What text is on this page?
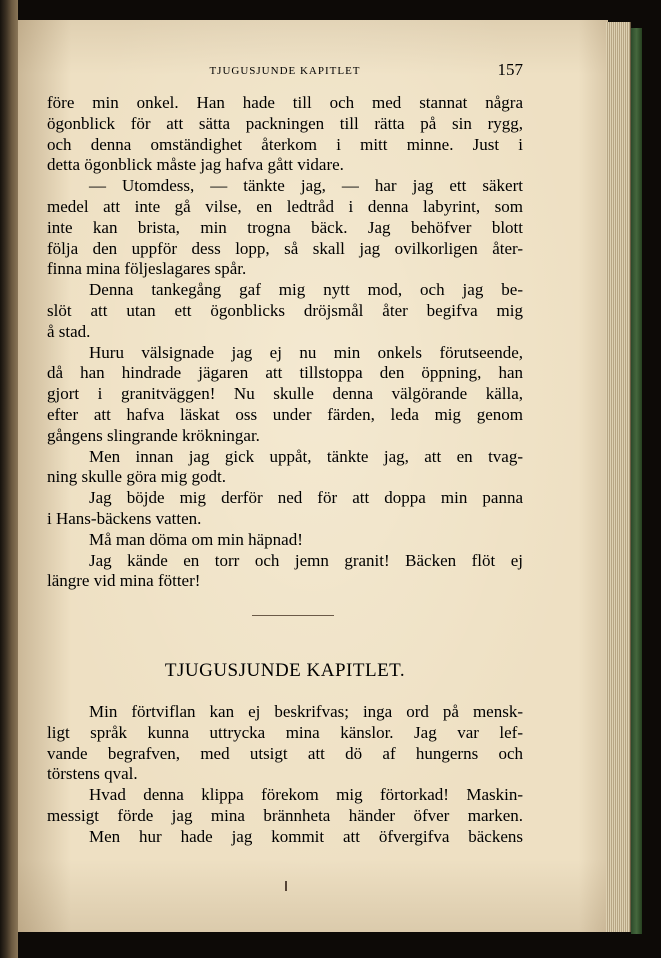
TJUGUSJUNDE KAPITLET	157
före min onkel. Han hade till och med stannat några
ögonblick för att sätta packningen till rätta på sin rygg,
och denna omständighet återkom i mitt minne. Just i
detta ögonblick måste jag hafva gått vidare.
— Utomdess, — tänkte jag, — har jag ett säkert
medel att inte gå vilse, en ledtråd i denna labyrint, som
inte kan brista, min trogna bäck. Jag behöfver blott
följa den uppför dess lopp, så skall jag ovilkorligen åter-
finna mina följeslagares spår.
Denna tankegång gaf mig nytt mod, och jag be-
slöt att utan ett ögonblicks dröjsmål åter begifva mig
å stad.
Huru välsignade jag ej nu min onkels förutseende,
då han hindrade jägaren att tillstoppa den öppning, han
gjort i granitväggen! Nu skulle denna välgörande källa,
efter att hafva läskat oss under färden, leda mig genom
gångens slingrande krökningar.
Men innan jag gick uppåt, tänkte jag, att en tvag-
ning skulle göra mig godt.
Jag böjde mig derför ned för att doppa min panna
i Hans-bäckens vatten.
Må man döma om min häpnad!
Jag kände en torr och jemn granit! Bäcken flöt ej
längre vid mina fötter!
TJUGUSJUNDE KAPITLET.
Min förtviflan kan ej beskrifvas; inga ord på mensk-
ligt språk kunna uttrycka mina känslor. Jag var lef-
vande begrafven, med utsigt att dö af hungerns och
törstens qval.
Hvad denna klippa förekom mig förtorkad! Maskin-
messigt förde jag mina brännheta händer öfver marken.
Men hur hade jag kommit att öfvergifva bäckens
